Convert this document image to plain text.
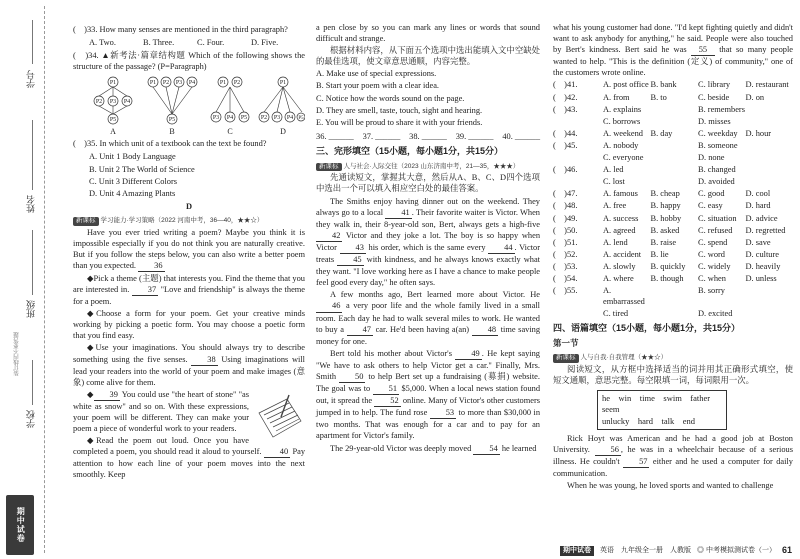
学号
姓名
班级
装订线内不要答题
学校
期中试卷

(　)33. How many senses are mentioned in the third paragraph?

A. Two.	B. Three.	C. Four.	D. Five.

(　)34. ▲新考法·篇章结构题 Which of the following shows the structure of the passage? (P=Paragraph)

P1
P2 P3 P4
P5
A
P1 P2 P3 P4
P5
B
P1 P2
P3 P4 P5
C
P1
P2 P3 P4 P5
D

(　)35. In which unit of a textbook can the text be found?

A. Unit 1 Body Language

B. Unit 2 The World of Science

C. Unit 3 Different Colors

D. Unit 4 Amazing Plants

D

新课标 学习能力·学习策略（2022 河南中考，36—40，★★☆）

Have you ever tried writing a poem? Maybe you think it is impossible especially if you do not think you are naturally creative. But if you follow the steps below, you can also write a better poem than you expected. 36

◆Pick a theme (主题) that interests you. Find the theme that you are interested in. 37 "Love and friendship" is always the theme for a poem.

◆Choose a form for your poem. Get your creative minds working by picking a poetic form. You may choose a poetic form that you find easy.

◆Use your imaginations. You should always try to describe something using the five senses. 38 Using imaginations will lead your readers into the world of your poem and make images (意象) come alive for them.

◆ 39 You could use "the heart of stone" "as white as snow" and so on. With these expressions, your poem will be different. They can make your poem a piece of wonderful work to your readers.

◆Read the poem out loud. Once you have completed a poem, you should read it aloud to yourself. 40 Pay attention to how each line of your poem moves into the next smoothly. Keep

a pen close by so you can mark any lines or words that sound difficult and strange.

根据材料内容，从下面五个选项中选出能填入文中空缺处的最佳选项，使文章意思通顺，内容完整。

A. Make use of special expressions.

B. Start your poem with a clear idea.

C. Notice how the words sound on the page.

D. They are smell, taste, touch, sight and hearing.

E. You will be proud to share it with your friends.

36. ______ 37. ______ 38. ______ 39. ______ 40. ______

三、完形填空（15小题，每小题1分，共15分）

新课标 人与社会·人际交往（2023 山东济南中考，21—35，★★★）

先通读短文，掌握其大意，然后从A、B、C、D四个选项中选出一个可以填入相应空白处的最佳答案。

The Smiths enjoy having dinner out on the weekend. They always go to a local 41 . Their favorite waiter is Victor. When they walk in, their 8-year-old son, Bert, always gets a high-five 42 Victor and they joke a lot. The boy is so happy when Victor 43 his order, which is the same every 44 . Victor treats 45 with kindness, and he always knows exactly what they want. "I love working here as I have a chance to make people feel good every day," he often says.

A few months ago, Bert learned more about Victor. He 46 a very poor life and the whole family lived in a small room. Each day he had to walk several miles to work. He wanted to buy a 47 car. He'd been having a(an) 48 time saving money for one.

Bert told his mother about Victor's 49 . He kept saying "We have to ask others to help Victor get a car." Finally, Mrs. Smith 50 to help Bert set up a fundraising (募捐) website. The goal was to 51 $5,000. When a local news station found out, it spread the 52 online. Many of Victor's other customers jumped in to help. The fund rose 53 to more than $30,000 in two months. That was enough for a car and to pay for an apartment for Victor's family.

The 29-year-old Victor was deeply moved 54 he learned

what his young customer had done. "I'd kept fighting quietly and didn't want to ask anybody for anything," he said. People were also touched by Bert's kindness. Bert said he was 55 that so many people wanted to help. "This is the definition (定义) of community," one of the customers wrote online.

(　)41.	A. post office B. bank	C. library	D. restaurant
(　)42.	A. from	B. to	C. beside	D. on
(　)43.	A. explains	B. remembers
C. borrows	D. misses
(　)44.	A. weekend B. day	C. weekday D. hour
(　)45.	A. nobody	B. someone
C. everyone	D. none
(　)46.	A. led	B. changed
C. lost	D. avoided
(　)47.	A. famous	B. cheap	C. good	D. cool
(　)48.	A. free	B. happy	C. easy	D. hard
(　)49.	A. success	B. hobby	C. situation	D. advice
(　)50.	A. agreed	B. asked	C. refused	D. regretted
(　)51.	A. lend	B. raise	C. spend	D. save
(　)52.	A. accident	B. lie	C. word	D. culture
(　)53.	A. slowly	B. quickly	C. widely	D. heavily
(　)54.	A. where	B. though	C. when	D. unless
(　)55.	A. embarrassed
B. sorry
C. tired	D. excited

四、语篇填空（15小题，每小题1分，共15分）

第一节

新课标 人与自我·自我管理（★★☆）

阅读短文，从方框中选择适当的词并用其正确形式填空，使短文通顺，意思完整。每空限填一词，每词限用一次。

he　win　time　swim　father　seem
unlucky　hard　talk　end

Rick Hoyt was American and he had a good job at Boston University. 56 , he was in a wheelchair because of a serious illness. He couldn't 57 either and he used a computer for daily communication.

When he was young, he loved sports and wanted to challenge

期中试卷	英语　九年级全一册　人教版 ◎ 中考模拟测试卷（一） 61
